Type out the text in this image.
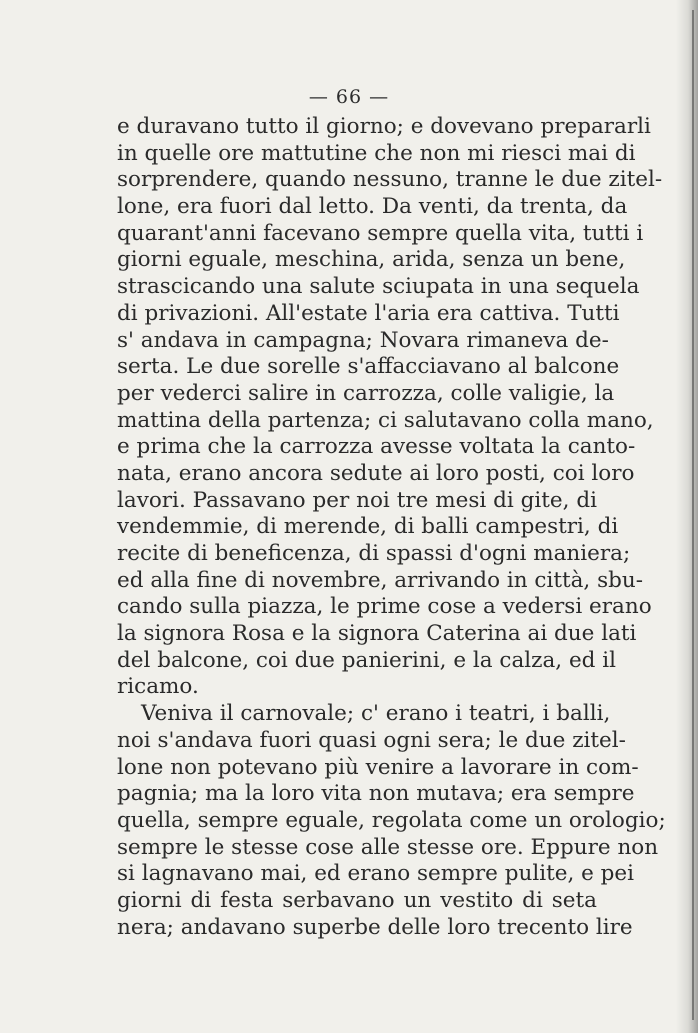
— 66 —
e duravano tutto il giorno; e dovevano prepararli
in quelle ore mattutine che non mi riesci mai di
sorprendere, quando nessuno, tranne le due zitel-
lone, era fuori dal letto. Da venti, da trenta, da
quarant'anni facevano sempre quella vita, tutti i
giorni eguale, meschina, arida, senza un bene,
strascicando una salute sciupata in una sequela
di privazioni. All'estate l'aria era cattiva. Tutti
s' andava in campagna; Novara rimaneva de-
serta. Le due sorelle s'affacciavano al balcone
per vederci salire in carrozza, colle valigie, la
mattina della partenza; ci salutavano colla mano,
e prima che la carrozza avesse voltata la canto-
nata, erano ancora sedute ai loro posti, coi loro
lavori. Passavano per noi tre mesi di gite, di
vendemmie, di merende, di balli campestri, di
recite di beneficenza, di spassi d'ogni maniera;
ed alla fine di novembre, arrivando in città, sbu-
cando sulla piazza, le prime cose a vedersi erano
la signora Rosa e la signora Caterina ai due lati
del balcone, coi due panierini, e la calza, ed il
ricamo.
Veniva il carnovale; c' erano i teatri, i balli,
noi s'andava fuori quasi ogni sera; le due zitel-
lone non potevano più venire a lavorare in com-
pagnia; ma la loro vita non mutava; era sempre
quella, sempre eguale, regolata come un orologio;
sempre le stesse cose alle stesse ore. Eppure non
si lagnavano mai, ed erano sempre pulite, e pei
giorni di festa serbavano un vestito di seta
nera; andavano superbe delle loro trecento lire
